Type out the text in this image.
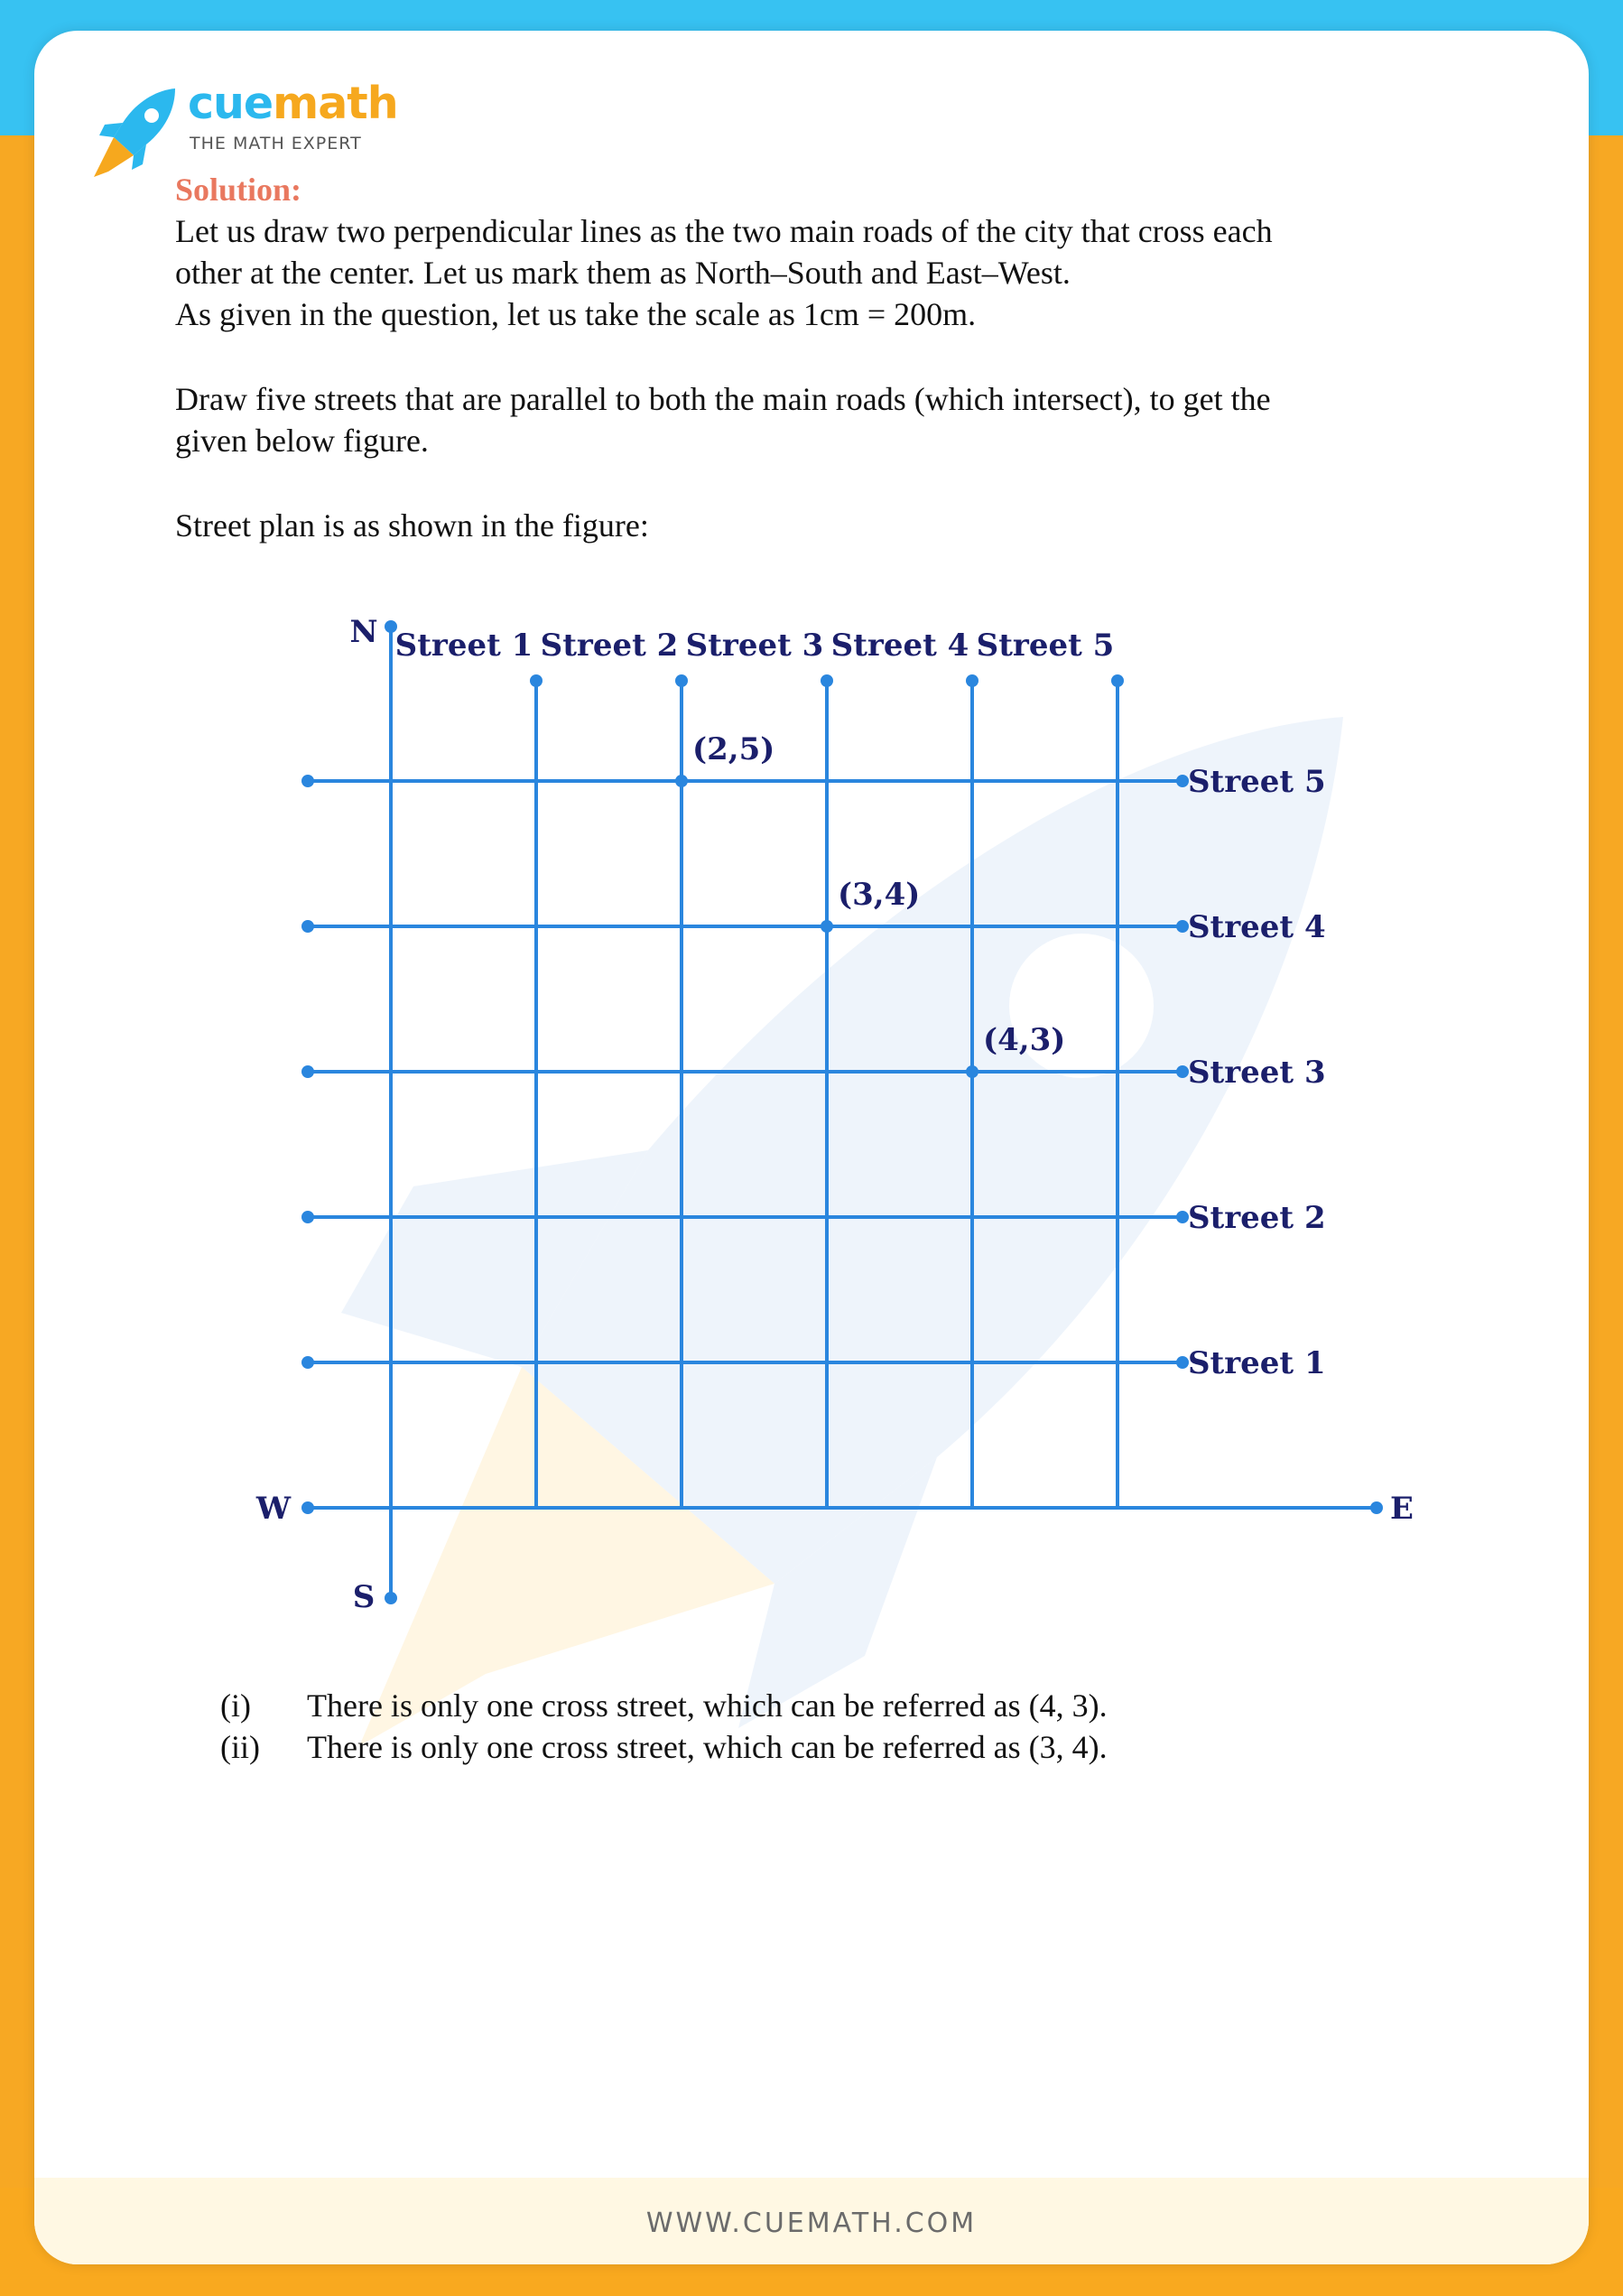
cuemath
THE MATH EXPERT

Solution:

Let us draw two perpendicular lines as the two main roads of the city that cross each

other at the center. Let us mark them as North–South and East–West.

As given in the question, let us take the scale as 1cm = 200m.

Draw five streets that are parallel to both the main roads (which intersect), to get the

given below figure.

Street plan is as shown in the figure:

Street 1 Street 2 Street 3 Street 4 Street 5
Street 1
Street 2
Street 3
Street 4
Street 5
N
S
W	E
(2,5)
(3,4)
(4,3)
(i)	There is only one cross street, which can be referred as (4, 3).
(ii)	There is only one cross street, which can be referred as (3, 4).
WWW.CUEMATH.COM
